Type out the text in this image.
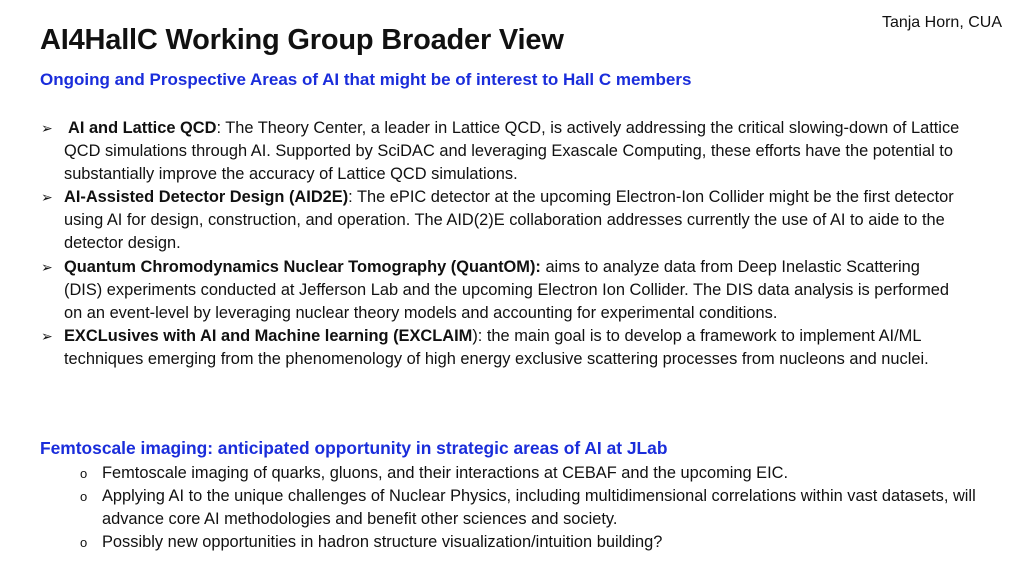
Tanja Horn, CUA
AI4HallC Working Group Broader View
Ongoing and Prospective Areas of AI that might be of interest to Hall C members
➢ AI and Lattice QCD: The Theory Center, a leader in Lattice QCD, is actively addressing the critical slowing-down of Lattice QCD simulations through AI. Supported by SciDAC and leveraging Exascale Computing, these efforts have the potential to substantially improve the accuracy of Lattice QCD simulations.
➢ AI-Assisted Detector Design (AID2E): The ePIC detector at the upcoming Electron-Ion Collider might be the first detector using AI for design, construction, and operation. The AID(2)E collaboration addresses currently the use of AI to aide to the detector design.
➢ Quantum Chromodynamics Nuclear Tomography (QuantOM): aims to analyze data from Deep Inelastic Scattering (DIS) experiments conducted at Jefferson Lab and the upcoming Electron Ion Collider. The DIS data analysis is performed on an event-level by leveraging nuclear theory models and accounting for experimental conditions.
➢ EXCLusives with AI and Machine learning (EXCLAIM): the main goal is to develop a framework to implement AI/ML techniques emerging from the phenomenology of high energy exclusive scattering processes from nucleons and nuclei.
Femtoscale imaging: anticipated opportunity in strategic areas of AI at JLab
o Femtoscale imaging of quarks, gluons, and their interactions at CEBAF and the upcoming EIC.
o Applying AI to the unique challenges of Nuclear Physics, including multidimensional correlations within vast datasets, will advance core AI methodologies and benefit other sciences and society.
o Possibly new opportunities in hadron structure visualization/intuition building?
